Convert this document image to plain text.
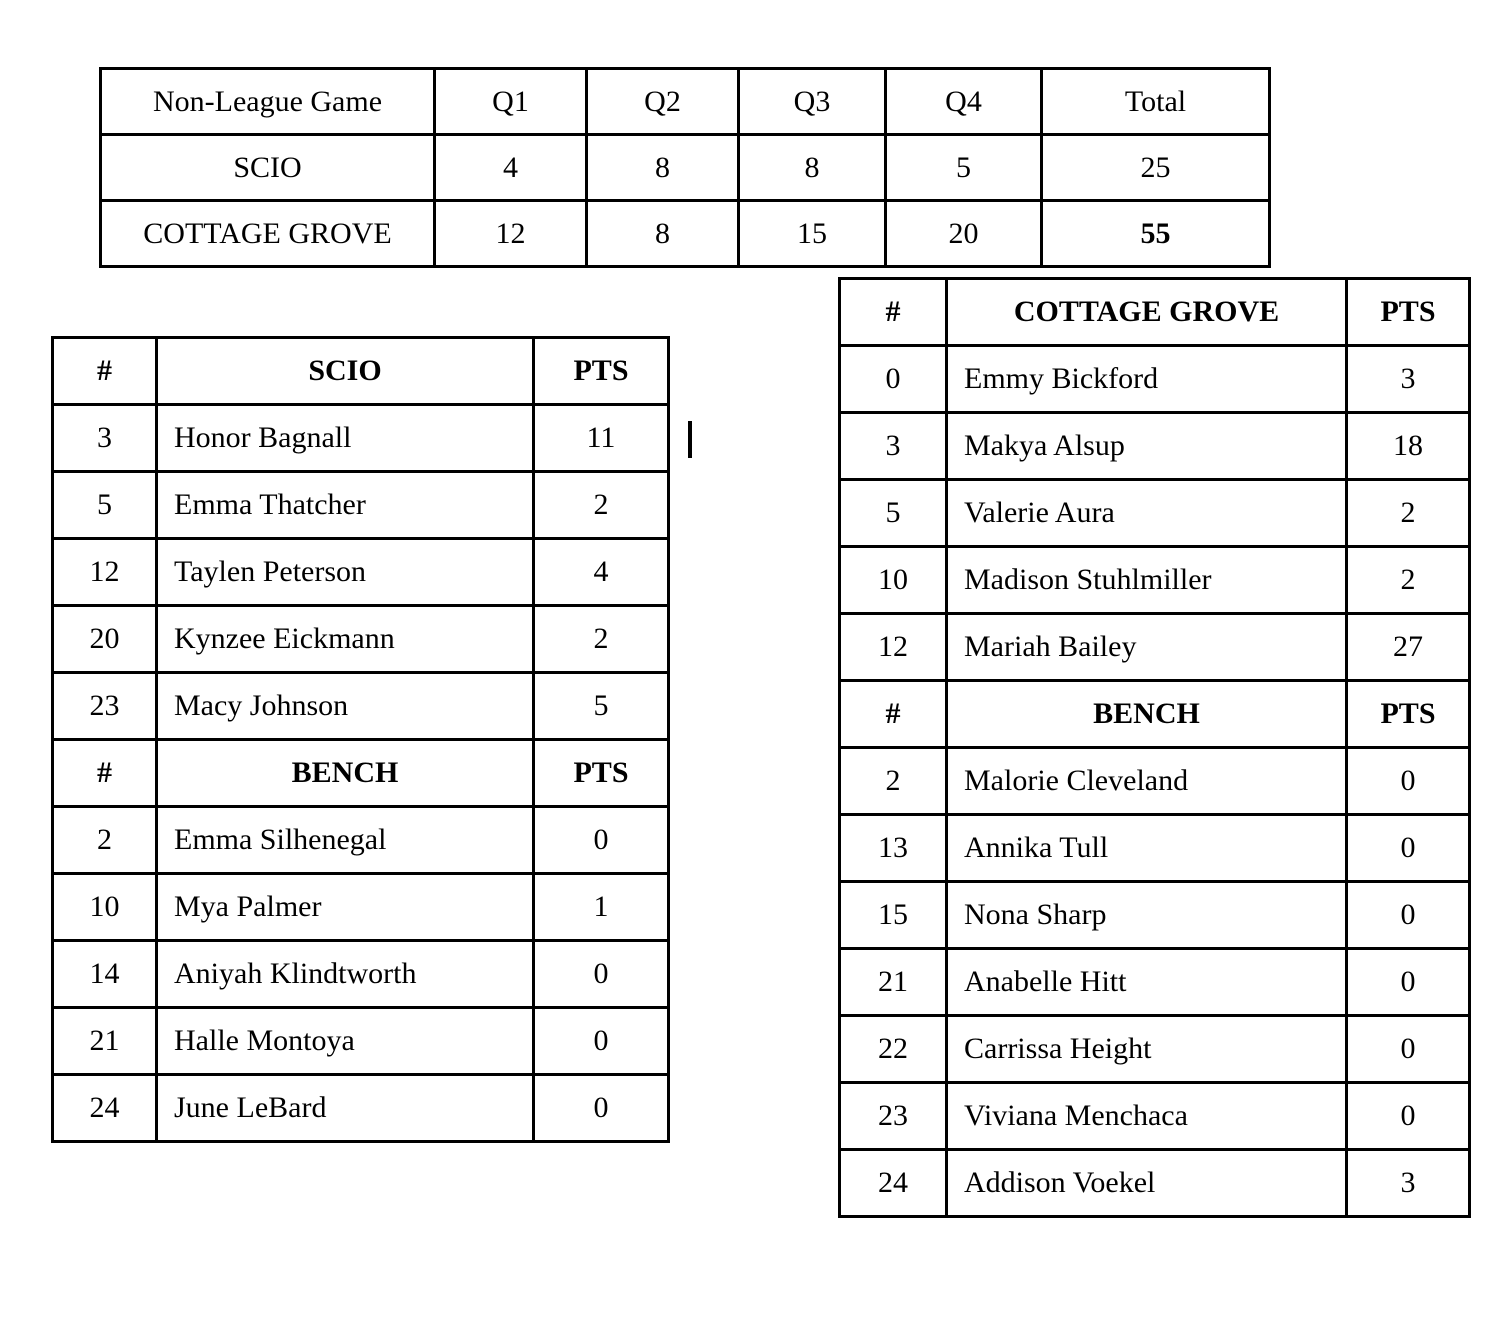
Non-League Game	Q1	Q2	Q3	Q4	Total
SCIO	4	8	8	5	25
COTTAGE GROVE	12	8	15	20	55
#	SCIO	PTS
3	Honor Bagnall	11
5	Emma Thatcher	2
12	Taylen Peterson	4
20	Kynzee Eickmann	2
23	Macy Johnson	5
#	BENCH	PTS
2	Emma Silhenegal	0
10	Mya Palmer	1
14	Aniyah Klindtworth	0
21	Halle Montoya	0
24	June LeBard	0
#	COTTAGE GROVE	PTS
0	Emmy Bickford	3
3	Makya Alsup	18
5	Valerie Aura	2
10	Madison Stuhlmiller	2
12	Mariah Bailey	27
#	BENCH	PTS
2	Malorie Cleveland	0
13	Annika Tull	0
15	Nona Sharp	0
21	Anabelle Hitt	0
22	Carrissa Height	0
23	Viviana Menchaca	0
24	Addison Voekel	3
